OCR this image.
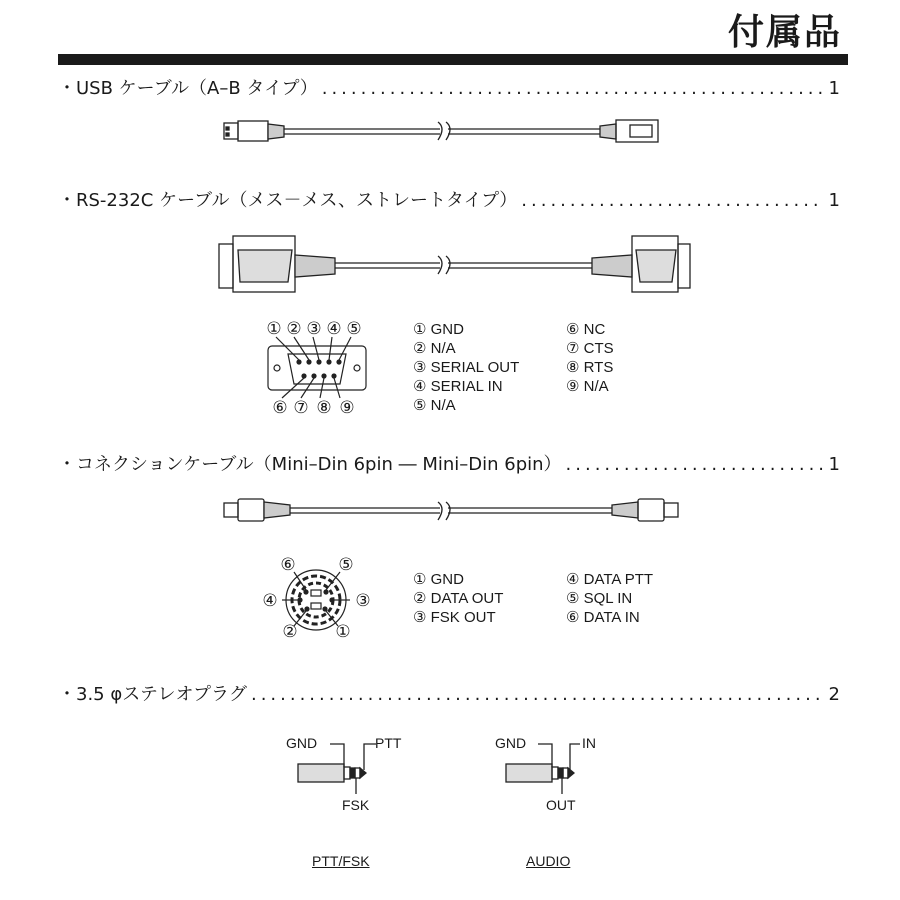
付属品
・USB ケーブル（A–B タイプ） .....	1
・RS-232C ケーブル（メス－メス、ストレートタイプ） .....	1
① ② ③ ④ ⑤
⑥ ⑦ ⑧ ⑨
① GND
② N/A
③ SERIAL OUT
④ SERIAL IN
⑤ N/A
⑥ NC
⑦ CTS
⑧ RTS
⑨ N/A
・コネクションケーブル（Mini–Din 6pin ― Mini–Din 6pin） .....	1
①
②
③
④
⑤
⑥
① GND
② DATA OUT
③ FSK OUT
④ DATA PTT
⑤ SQL IN
⑥ DATA IN
・3.5 φステレオプラグ .....	2
GND	PTT
FSK
PTT/FSK
GND	IN
OUT
AUDIO
